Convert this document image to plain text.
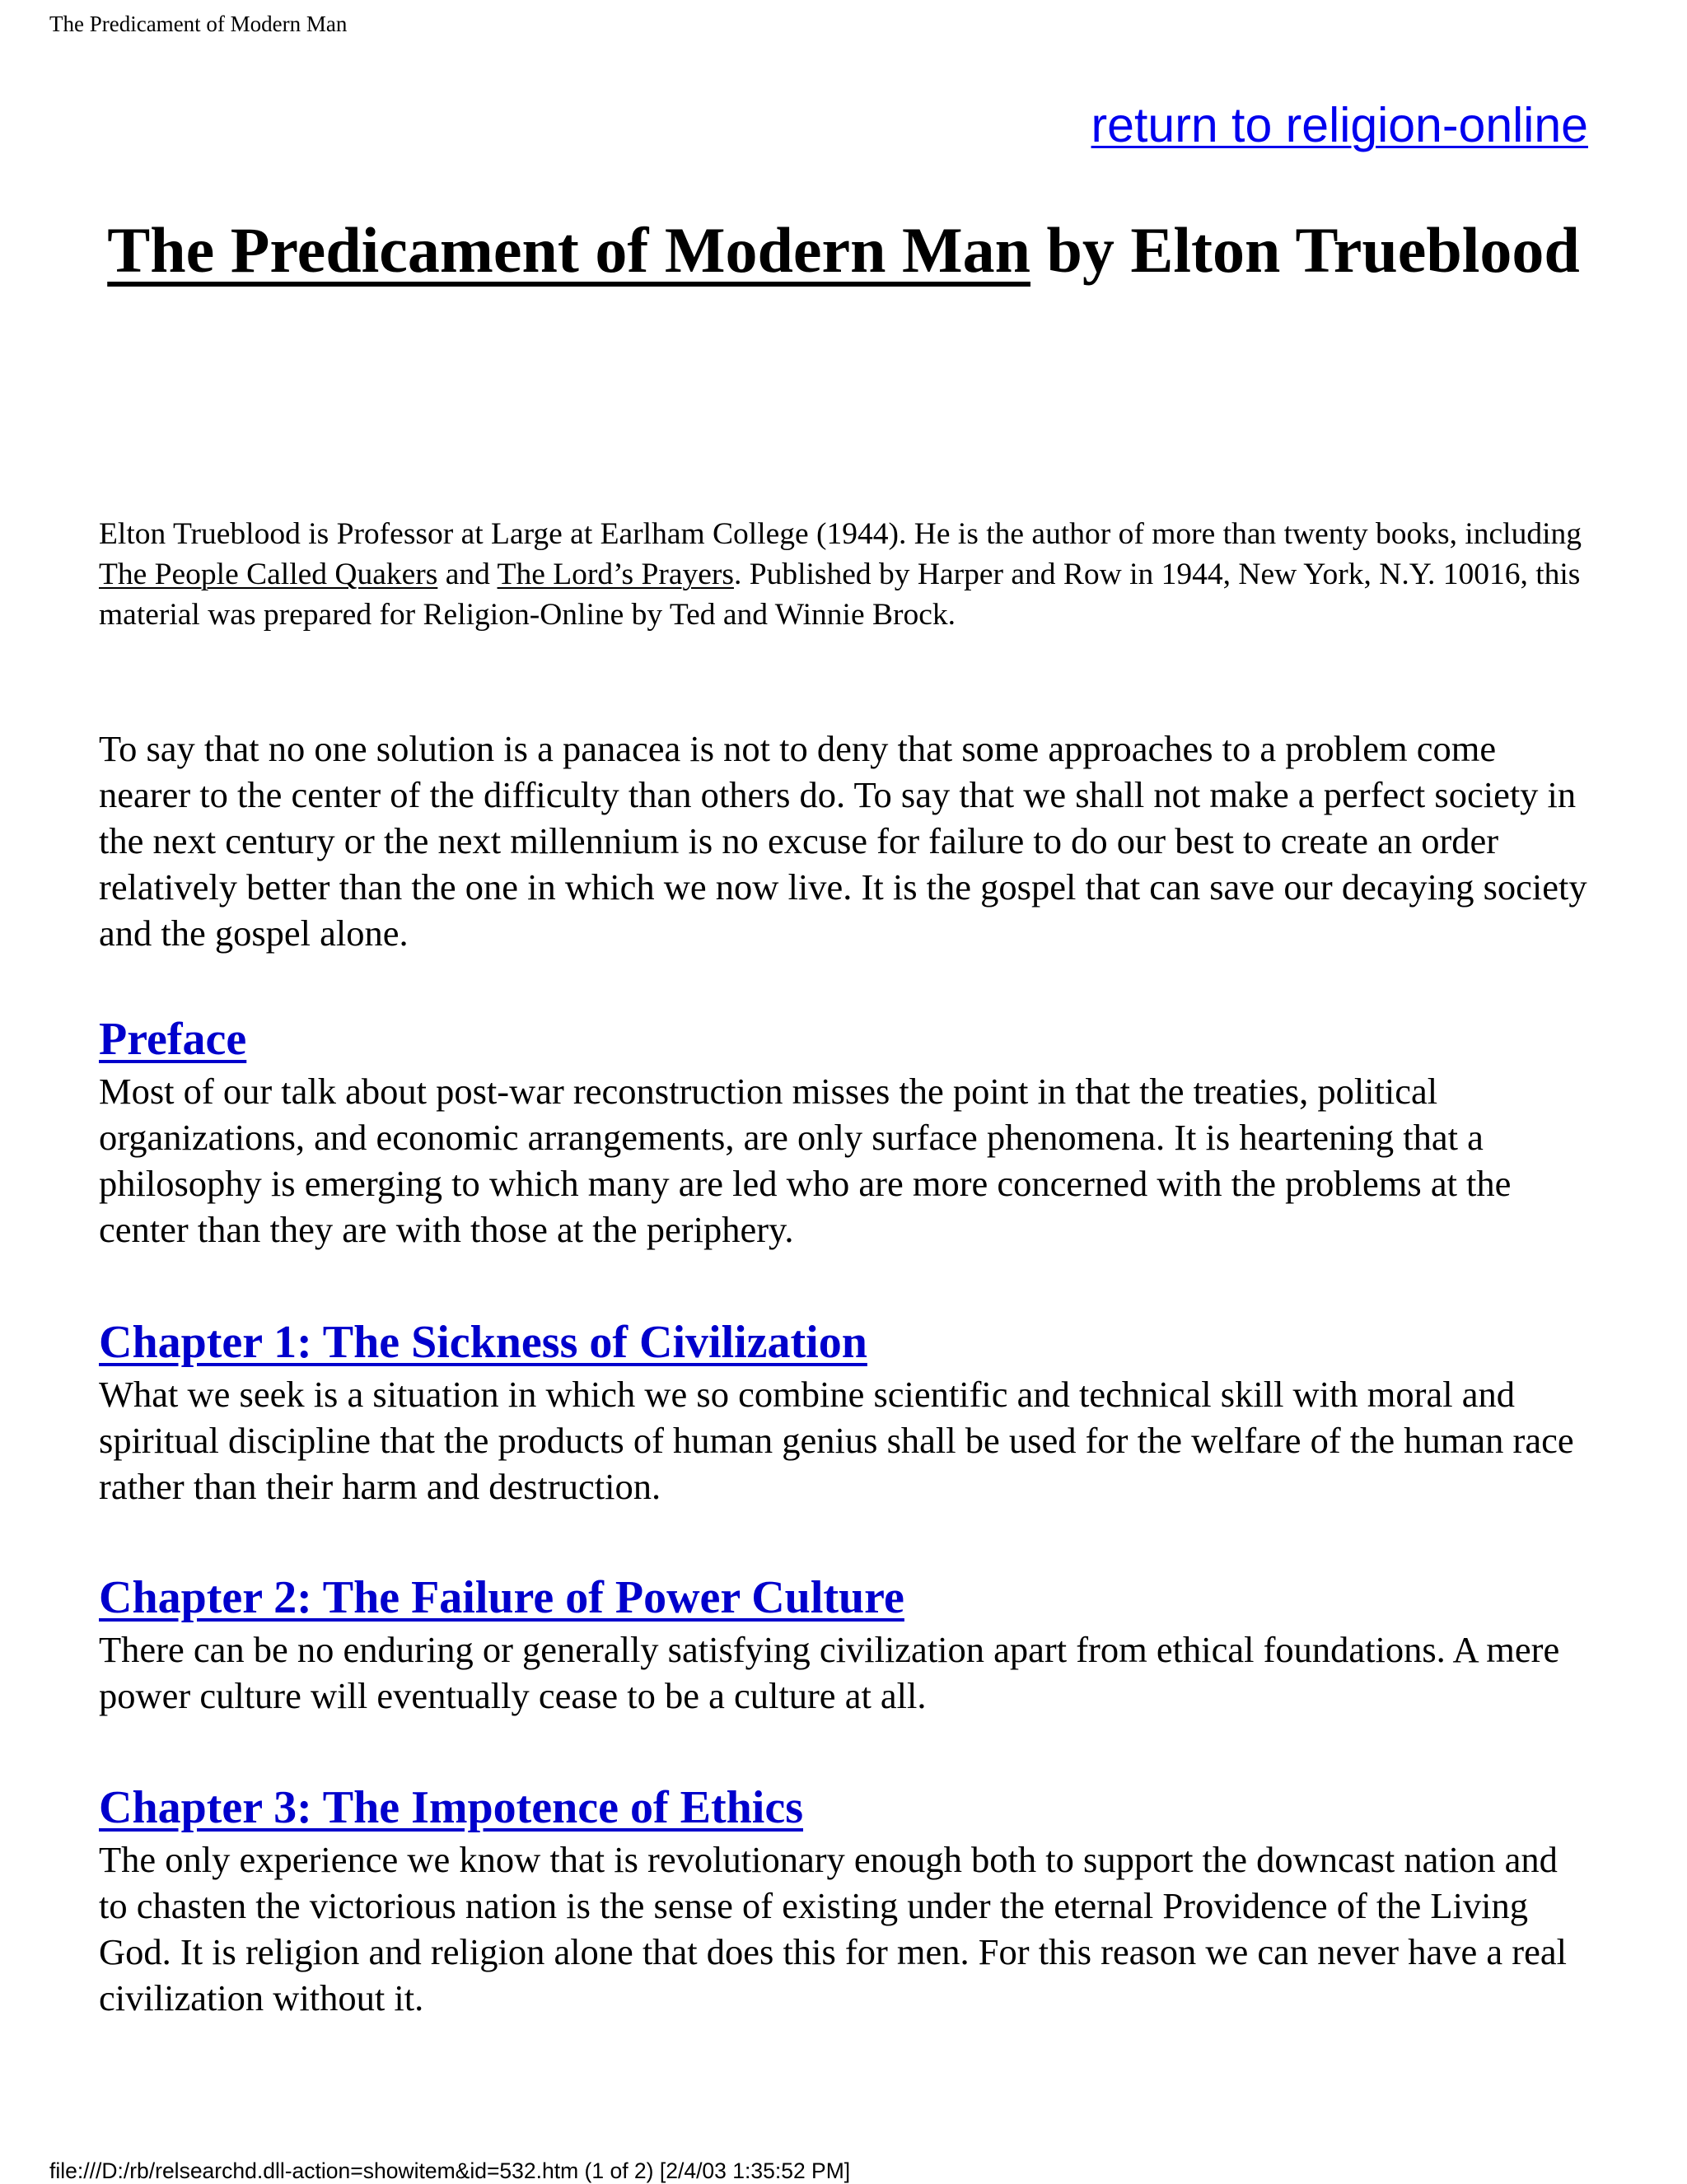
The Predicament of Modern Man
return to religion-online
The Predicament of Modern Man by Elton Trueblood

Elton Trueblood is Professor at Large at Earlham College (1944). He is the author of more than twenty books, including The People Called Quakers and The Lord’s Prayers. Published by Harper and Row in 1944, New York, N.Y. 10016, this material was prepared for Religion-Online by Ted and Winnie Brock.

To say that no one solution is a panacea is not to deny that some approaches to a problem come nearer to the center of the difficulty than others do. To say that we shall not make a perfect society in the next century or the next millennium is no excuse for failure to do our best to create an order relatively better than the one in which we now live. It is the gospel that can save our decaying society and the gospel alone.

Preface

Most of our talk about post-war reconstruction misses the point in that the treaties, political organizations, and economic arrangements, are only surface phenomena. It is heartening that a philosophy is emerging to which many are led who are more concerned with the problems at the center than they are with those at the periphery.

Chapter 1: The Sickness of Civilization

What we seek is a situation in which we so combine scientific and technical skill with moral and spiritual discipline that the products of human genius shall be used for the welfare of the human race rather than their harm and destruction.

Chapter 2: The Failure of Power Culture

There can be no enduring or generally satisfying civilization apart from ethical foundations. A mere power culture will eventually cease to be a culture at all.

Chapter 3: The Impotence of Ethics

The only experience we know that is revolutionary enough both to support the downcast nation and to chasten the victorious nation is the sense of existing under the eternal Providence of the Living God. It is religion and religion alone that does this for men. For this reason we can never have a real civilization without it.

file:///D:/rb/relsearchd.dll-action=showitem&id=532.htm (1 of 2) [2/4/03 1:35:52 PM]
